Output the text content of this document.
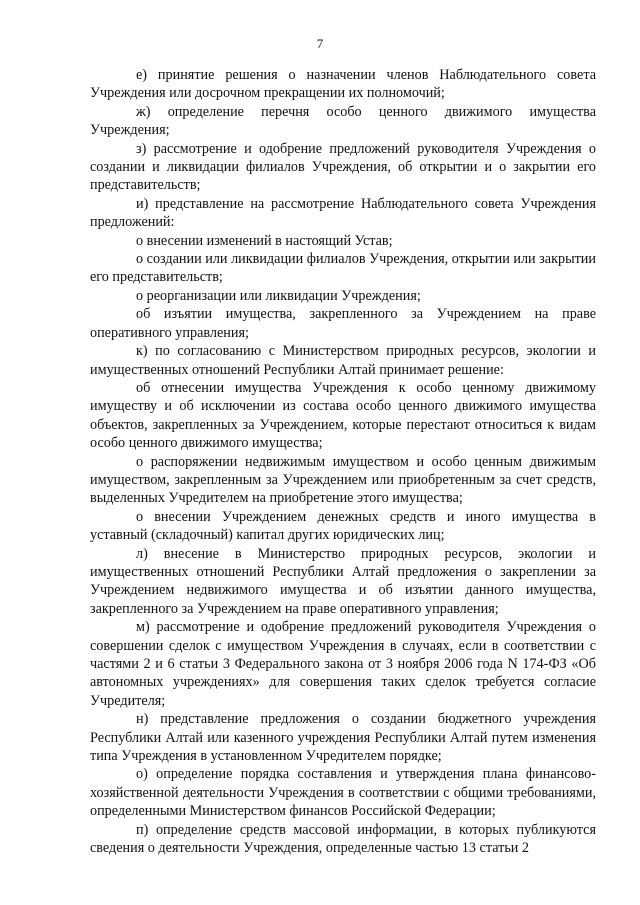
7

е) принятие решения о назначении членов Наблюдательного совета Учреждения или досрочном прекращении их полномочий;

ж) определение перечня особо ценного движимого имущества Учреждения;

з) рассмотрение и одобрение предложений руководителя Учреждения о создании и ликвидации филиалов Учреждения, об открытии и о закрытии его представительств;

и) представление на рассмотрение Наблюдательного совета Учреждения предложений:

о внесении изменений в настоящий Устав;

о создании или ликвидации филиалов Учреждения, открытии или закрытии его представительств;

о реорганизации или ликвидации Учреждения;

об изъятии имущества, закрепленного за Учреждением на праве оперативного управления;

к) по согласованию с Министерством природных ресурсов, экологии и имущественных отношений Республики Алтай принимает решение:

об отнесении имущества Учреждения к особо ценному движимому имуществу и об исключении из состава особо ценного движимого имущества объектов, закрепленных за Учреждением, которые перестают относиться к видам особо ценного движимого имущества;

о распоряжении недвижимым имуществом и особо ценным движимым имуществом, закрепленным за Учреждением или приобретенным за счет средств, выделенных Учредителем на приобретение этого имущества;

о внесении Учреждением денежных средств и иного имущества в уставный (складочный) капитал других юридических лиц;

л) внесение в Министерство природных ресурсов, экологии и имущественных отношений Республики Алтай предложения о закреплении за Учреждением недвижимого имущества и об изъятии данного имущества, закрепленного за Учреждением на праве оперативного управления;

м) рассмотрение и одобрение предложений руководителя Учреждения о совершении сделок с имуществом Учреждения в случаях, если в соответствии с частями 2 и 6 статьи 3 Федерального закона от 3 ноября 2006 года N 174-ФЗ «Об автономных учреждениях» для совершения таких сделок требуется согласие Учредителя;

н) представление предложения о создании бюджетного учреждения Республики Алтай или казенного учреждения Республики Алтай путем изменения типа Учреждения в установленном Учредителем порядке;

о) определение порядка составления и утверждения плана финансово-хозяйственной деятельности Учреждения в соответствии с общими требованиями, определенными Министерством финансов Российской Федерации;

п) определение средств массовой информации, в которых публикуются сведения о деятельности Учреждения, определенные частью 13 статьи 2
